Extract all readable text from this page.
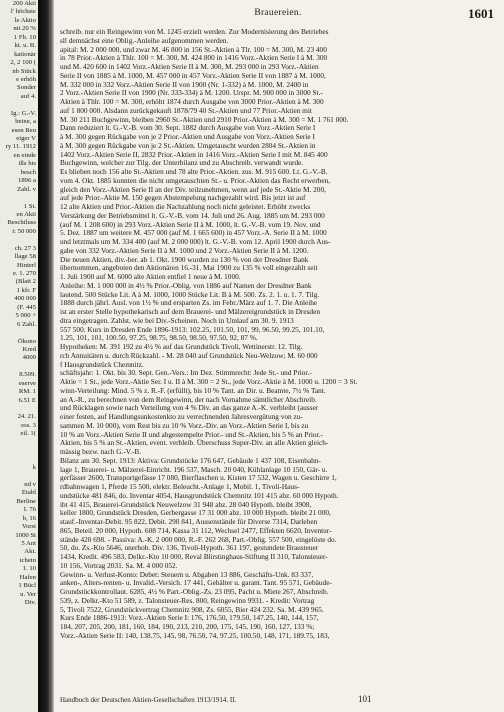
200 Akti
l' höchste
le Aktio
nit 20 %
1 Fb. 10
kt. u. B.
kationär
2, 2 100 (
nb Stück
e erhöh
Sonder
auf 4.
Ig.: G.-V.
beine, a
esen Reu
eiger V
ry 11. 1912
en einde
ills his
besch
1896 a
Zahl. v
1 St.
en Akti
Beschiluss
i: 50 000
ch. 27 3
llage 58
Hinterl
e. 1. 270
(Blatt 2
1 kfr. F
400 000
(F. 445
5 000 +
6 Zahl.
Ökono
Kred
4000
8.509.
eserve
RM. 1
6.51 E
24. 21.
ess. 3
eil. 1(
k
nd v
Etabl
Berline
I. 76
b, 16
Vorst
1000 St
5 Ant
Akt.
ichein
1. 10
Hafen
1 Bücl
u. Ver
Div.
Brauereien.	1601
schreib. nur ein Reingewinn von M. 1245 erzielt werden. Zur Modernisierung des Betriebes
sll demnächst eine Oblig.-Anleihe aufgenommen werden.
apital: M. 2 000 000, und zwar M. 46 800 in 156 St.-Aktien à Tlr. 100 = M. 300, M. 23 400
in 78 Prior.-Aktien à Thlr. 100 = M. 300, M. 424 800 in 1416 Vorz.-Aktien Serie I à M. 300
und M. 420 600 in 1402 Vorz.-Aktien Serie II à M. 300, M. 293 000 in 293 Vorz.-Aktien
Serie II von 1885 à M. 1000, M. 457 000 in 457 Vorz.-Aktien Serie II von 1887 à M. 1000,
M. 332 000 in 332 Vorz.-Aktien Serie II von 1900 (Nr. 1-332) à M. 1000, M. 2400 in
2 Vorz.-Aktien Serie II von 1900 (Nr. 333-334) à M. 1200. Urspr. M. 900 000 in 3000 St.-
Aktien à Thlr. 100 = M. 300, erhöht 1874 durch Ausgabe von 3000 Prior.-Aktien à M. 300
auf 1 800 000. Alsdann zurückgekauft 1878/79 40 St.-Aktien und 77 Prior.-Aktien mit
M. 30 211 Buchgewinn, bleiben 2960 St.-Aktien und 2910 Prior.-Aktien à M. 300 = M. 1 761 000.
Dann reduziert lt. G.-V.-B. vom 30. Sept. 1882 durch Ausgabe von Vorz.-Aktien Serie I
à M. 300 gegen Rückgabe von je 2 Prior.-Aktien und Ausgabe von Vorz.-Aktien Serie I
à M. 300 gegen Rückgabe von je 2 St.-Aktien. Umgetauscht wurden 2804 St.-Aktien in
1402 Vorz.-Aktien Serie II, 2832 Prior.-Aktien in 1416 Vorz.-Aktien Serie I mit M. 845 400
Buchgewinn, welcher zur Tilg. der Unterbilanz und zu Abschreib. verwandt wurde.
Es blieben noch 156 alte St.-Aktien und 78 alte Prior.-Aktien. zus. M. 915 600. Lt. G.-V.-B.
vom 4. Okt. 1885 konnten die nicht umgetauschten St.- u. Prior.-Aktien das Recht erwerben,
gleich den Vorz.-Aktien Serie II an der Div. teilzunehmen, wenn auf jede St.-Aktie M. 200,
auf jede Prior.-Aktie M. 150 gegen Abstempelung nachgezahlt wird. Bis jetzt ist auf
12 alte Aktien und Prior.-Aktien die Nachzahlung noch nicht geleistet. Erhöht zwecks
Verstärkung der Betriebsmittel lt. G.-V.-B. vom 14. Juli und 26. Aug. 1885 um M. 293 000
(auf M. 1 208 600) in 293 Vorz.-Aktien Serie II à M. 1000, lt. G.-V.-B. vom 19. Nov. und
5. Dez. 1887 um weitere M. 457 000 (auf M. 1 665 600) in 457 Vorz.-A. Serie II à M. 1000
und letztmals um M. 334 400 (auf M. 2 000 000) lt. G.-V.-B. vom 12. April 1900 durch Aus-
gabe von 332 Vorz.-Aktien Serie II à M. 1000 und 2 Vorz.-Aktien Serie II à M. 1200.
Die neuen Aktien, div.-ber. ab 1. Okt. 1900 wurden zu 130 % von der Dresdner Bank
übernommen, angeboten den Aktionären 16.-31. Mai 1900 zu 135 % voll eingezahlt seit
1. Juli 1900 auf M. 6000 alte Aktien entfiel 1 neue à M. 1000.
Anleihe: M. 1 000 000 in 4½ % Prior.-Oblig. von 1886 auf Namen der Dresdner Bank
lautend. 500 Stücke Lit. A à M. 1000, 1000 Stücke Lit. B à M. 500. Zs. 2. 1. u. 1. 7. Tilg.
1888 durch jährl. Ausl. von 1½ % und ersparten Zs. im Febr./März auf 1. 7. Die Anleihe
ist an erster Stelle hypothekarisch auf dem Brauerei- und Mälzereigrundstück in Dresden
dtra eingetragen. Zahlst. wie bei Div.-Scheinen. Noch in Umlauf am 30. 9. 1913
557 500. Kurs in Dresden Ende 1896-1913: 102.25, 101.50, 101, 99, 96.50, 99.25, 101.10,
1.25, 101, 101, 100.50, 97.25, 98.75, 98.50, 98.50, 97.50, 92, 87 %.
Hypotheken: M. 391 192 zu 4½ % auf das Grundstück Tivoli, Wettinerstr. 12. Tilg.
rch Annuitäten u. durch Rückzahl. - M. 28 040 auf Grundstück Neu-Welzow; M. 60 000
f Hausgrundstück Chemnitz.
schäftsjahr: 1. Okt. bis 30. Sept. Gen.-Vers.: Im Dez. Stimmrecht: Jede St.- und Prior.-
Aktie = 1 St., jede Vorz.-Aktie Ser. I u. II à M. 300 = 2 St., jede Vorz.-Aktie à M. 1000 u. 1200 = 3 St.
winn-Verteilung: Mind. 5 % z. R.-F. (erfüllt), bis 10 % Tant. an Dir. u. Beamte, 7½ % Tant.
an A.-R., zu berechnen von dem Reingewinn, der nach Vornahme sämtlicher Abschreib.
und Rücklagen sowie nach Verteilung von 4 % Div. an das ganze A.-K. verbleibt (ausser
einer festen, auf Handlungsunkostenkto zu verrechnenden Jahresvergütung von zu-
sammen M. 10 000), vom Rest bis zu 10 % Vorz.-Div. an Vorz.-Aktien Serie I, bis zu
10 % an Vorz.-Aktien Serie II und abgestempelte Prior.- und St.-Aktien, bis 5 % an Prior.-
Aktien, bis 5 % an St.-Aktien, event. verbleib. Überschuss Super-Div. an alle Aktien gleich-
mässig bezw. nach G.-V.-B.
Bilanz am 30. Sept. 1913: Aktiva: Grundstücke 176 647, Gebäude 1 437 108, Eisenbahn-
lage 1, Brauerei- u. Mälzerei-Einricht. 196 537, Masch. 20 040, Kühlanlage 10 150, Gär- u.
gerfässer 2600, Transportgefässe 17 080, Bierflaschen u. Kisten 17 532, Wagen u. Geschirre 1,
rdbahnwagen 1, Pferde 15 500, elektr. Beleucht.-Anlage 1, Mobil. 1, Tivoli-Haus-
undstücke 481 846, do. Inventar 4054, Hausgrundstück Chemnitz 101 415 abz. 60 000 Hypoth.
ibt 41 415, Brauerei-Grundstück Neuwelzow 31 948 abz. 28 040 Hypoth. bleibt 3908,
keller 1800, Grundstück Dresden, Gerbergasse 17 31 000 abz. 10 000 Hypoth. bleibt 21 000,
stauf.-Inventar-Debit. 95 822, Debit. 290 841, Aussenstände für Diverse 7314, Darlehen
865, Beteil. 20 000, Hypoth. 608 714, Kassa 31 112, Wechsel 2477, Effekten 6620, Inventur-
stände 420 698. - Passiva: A.-K. 2 000 000, R.-F. 262 268, Part.-Oblig. 557 500, eingelöste do.
50, do. Zs.-Kto 5646, unerhob. Div. 136, Tivoli-Hypoth. 361 197, gestundete Brausteuer
1434, Kredit. 496 583, Delkr.-Kto 10 000, Reval Blirstinghaus-Stiftung II 310, Talonsteuer-
10 156, Vortrag 2031. Sa. M. 4 000 052.
Gewinn- u. Verlust-Konto: Debet: Steuern u. Abgaben 13 886, Geschäfts-Unk. 83 337,
anken-, Alters-renten- u. Invalid.-Versich. 17 441, Gehälter u. garant. Tant. 95 571, Gebäude-
Grundstückkontrollaut. 6285, 4½ % Part.-Oblig.-Zs. 23 095, Pacht u. Miete 267, Abschreib.
539, z. Delkr.-Kto 51 589, z. Talonsteuer-Res. 800, Reingewinn 9931. - Kredit: Vortrag
5, Tivoli 7522, Grundstückvertrag Chemnitz 908, Zs. 6055, Bier 424 232. Sa. M. 439 965.
Kurs Ende 1886-1913: Vorz.-Aktien Serie I: 176, 176.50, 179.50, 147.25, 140, 144, 157,
184, 207, 205, 200, 181, 160, 184, 190, 213, 210, 200, 175, 145, 190, 160, 127, 133 %;
Vorz.-Aktien Serie II: 140, 138.75, 145, 98, 76.50, 74, 97.25, 100.50, 148, 171, 189.75, 183,
Handbuch der Deutschen Aktien-Gesellschaften 1913/1914. II.	101
